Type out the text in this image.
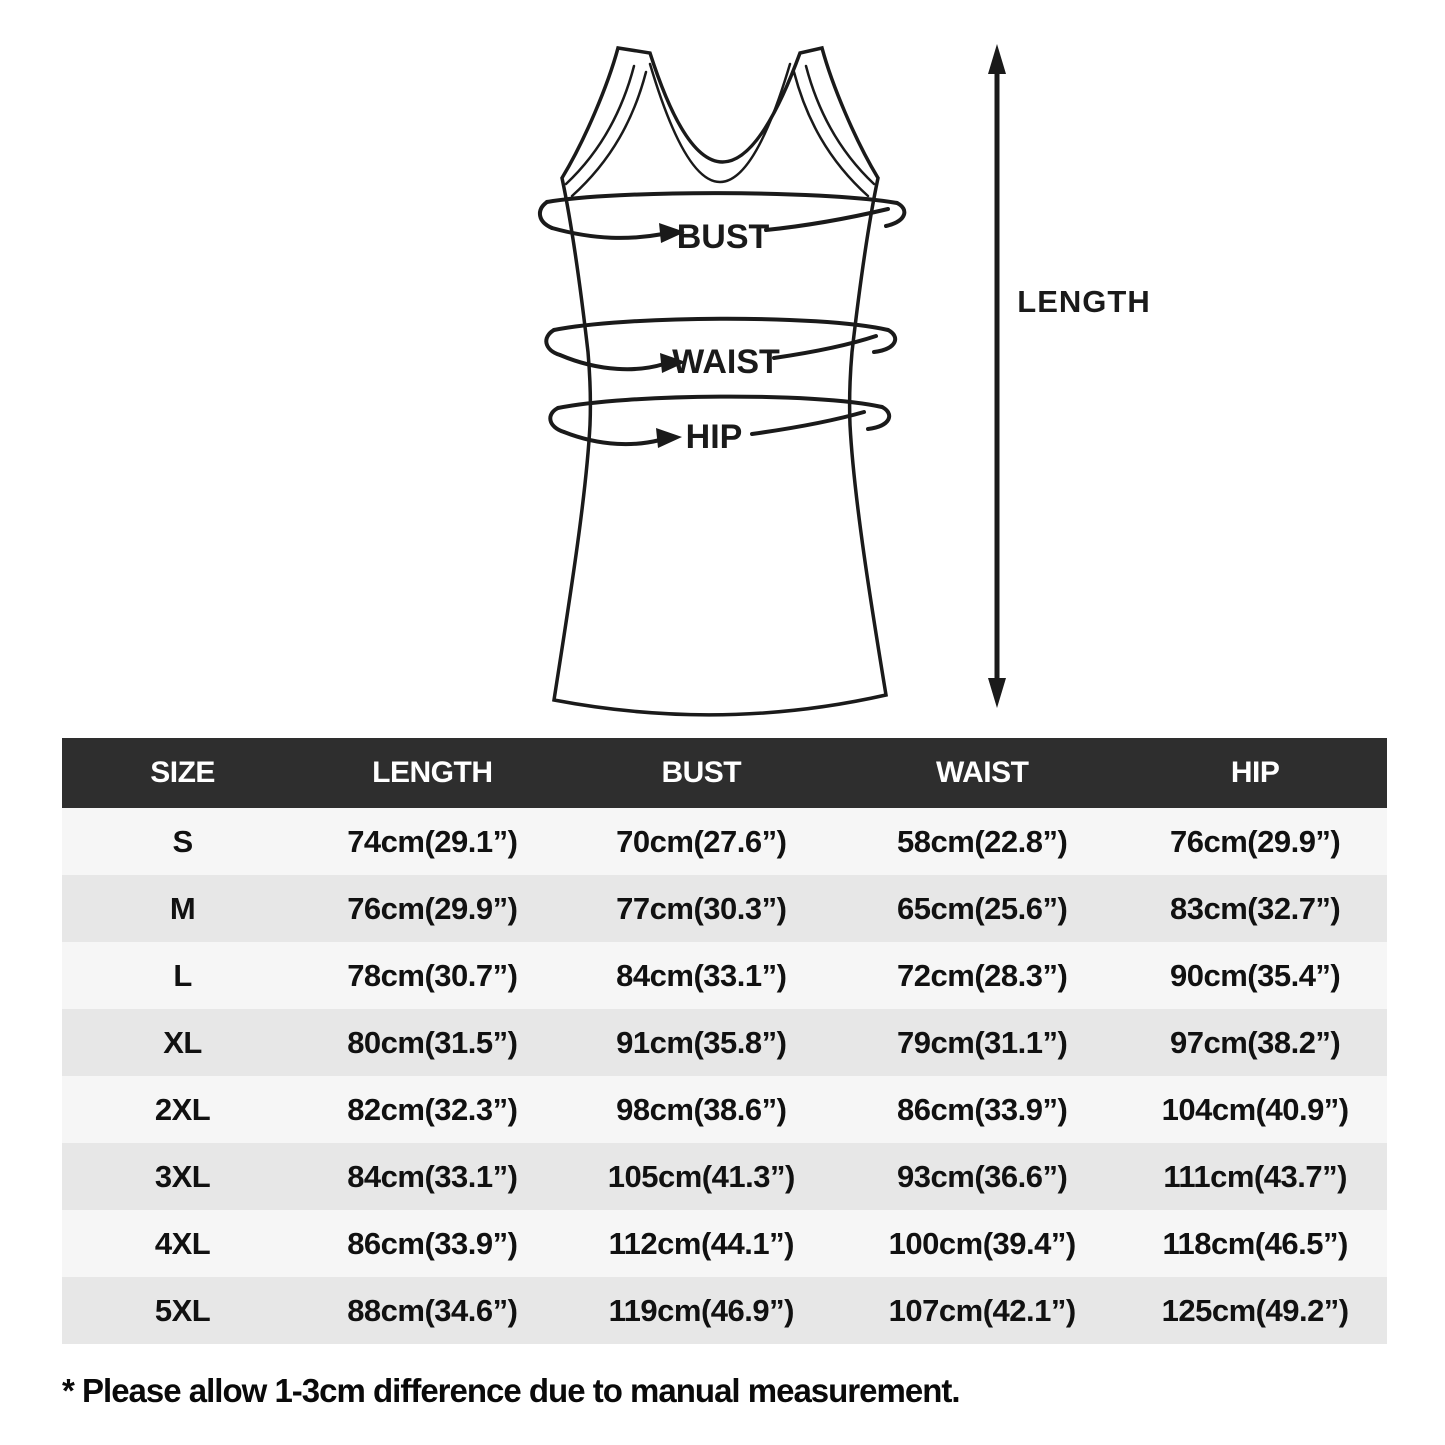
BUST
WAIST
HIP
LENGTH
SIZE	LENGTH	BUST	WAIST	HIP
S	74cm(29.1”)	70cm(27.6”)	58cm(22.8”)	76cm(29.9”)
M	76cm(29.9”)	77cm(30.3”)	65cm(25.6”)	83cm(32.7”)
L	78cm(30.7”)	84cm(33.1”)	72cm(28.3”)	90cm(35.4”)
XL	80cm(31.5”)	91cm(35.8”)	79cm(31.1”)	97cm(38.2”)
2XL	82cm(32.3”)	98cm(38.6”)	86cm(33.9”)	104cm(40.9”)
3XL	84cm(33.1”)	105cm(41.3”)	93cm(36.6”)	111cm(43.7”)
4XL	86cm(33.9”)	112cm(44.1”)	100cm(39.4”)	118cm(46.5”)
5XL	88cm(34.6”)	119cm(46.9”)	107cm(42.1”)	125cm(49.2”)
* Please allow 1-3cm difference due to manual measurement.
